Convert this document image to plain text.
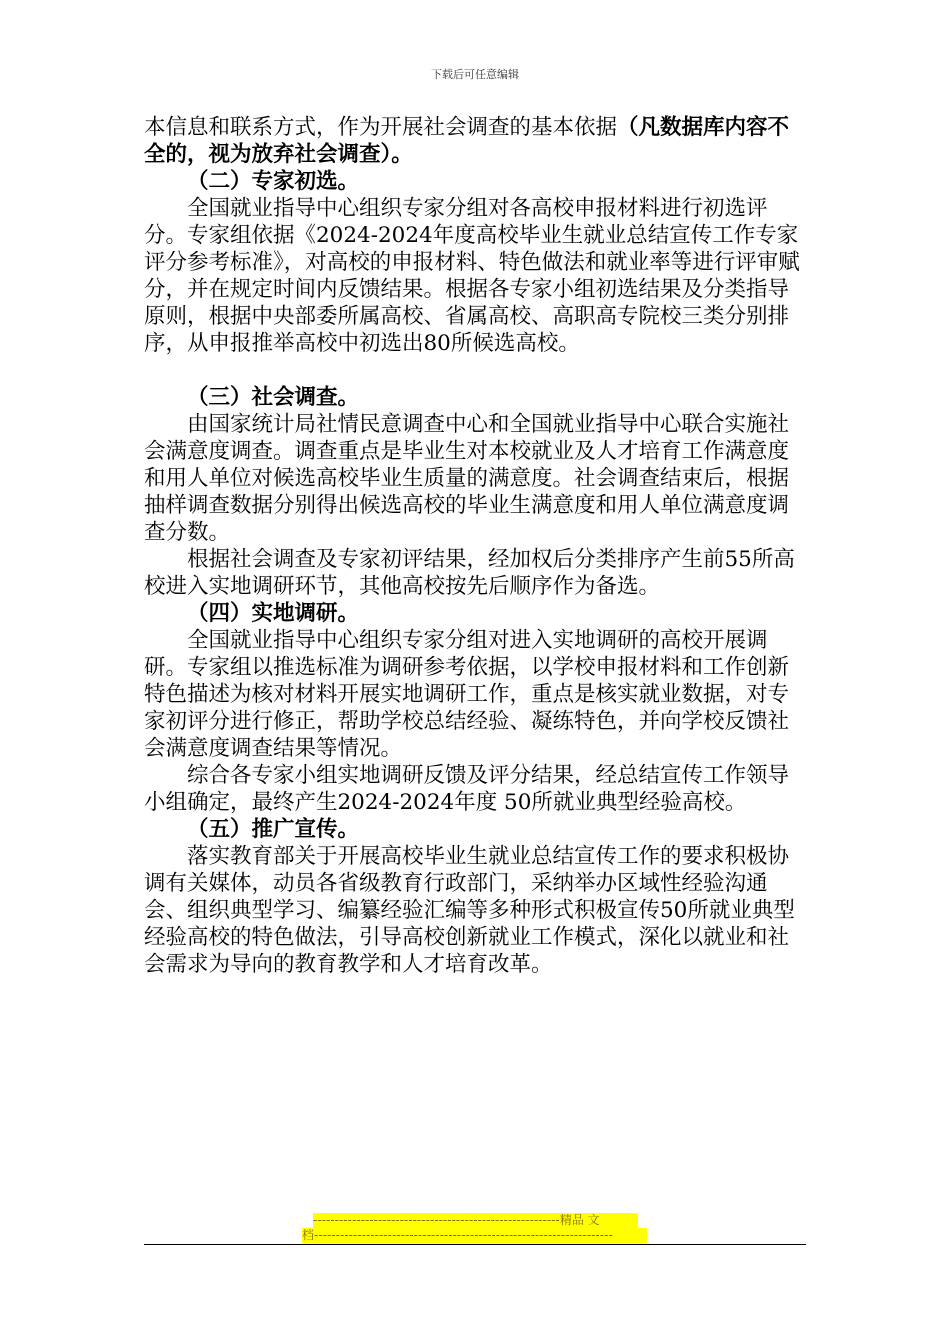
下载后可任意编辑

本信息和联系方式，作为开展社会调查的基本依据（凡数据库内容不全的，视为放弃社会调查）。

（二）专家初选。

全国就业指导中心组织专家分组对各高校申报材料进行初选评分。专家组依据《2024-2024年度高校毕业生就业总结宣传工作专家评分参考标准》，对高校的申报材料、特色做法和就业率等进行评审赋分，并在规定时间内反馈结果。根据各专家小组初选结果及分类指导原则，根据中央部委所属高校、省属高校、高职高专院校三类分别排序，从申报推举高校中初选出80所候选高校。

（三）社会调查。

由国家统计局社情民意调查中心和全国就业指导中心联合实施社会满意度调查。调查重点是毕业生对本校就业及人才培育工作满意度和用人单位对候选高校毕业生质量的满意度。社会调查结束后，根据抽样调查数据分别得出候选高校的毕业生满意度和用人单位满意度调查分数。

根据社会调查及专家初评结果，经加权后分类排序产生前55所高校进入实地调研环节，其他高校按先后顺序作为备选。

（四）实地调研。

全国就业指导中心组织专家分组对进入实地调研的高校开展调研。专家组以推选标准为调研参考依据，以学校申报材料和工作创新特色描述为核对材料开展实地调研工作，重点是核实就业数据，对专家初评分进行修正，帮助学校总结经验、凝练特色，并向学校反馈社会满意度调查结果等情况。

综合各专家小组实地调研反馈及评分结果，经总结宣传工作领导小组确定，最终产生2024-2024年度 50所就业典型经验高校。

（五）推广宣传。

落实教育部关于开展高校毕业生就业总结宣传工作的要求积极协调有关媒体，动员各省级教育行政部门，采纳举办区域性经验沟通会、组织典型学习、编纂经验汇编等多种形式积极宣传50所就业典型经验高校的特色做法，引导高校创新就业工作模式，深化以就业和社会需求为导向的教育教学和人才培育改革。

---------------------------------------------------------精品 文
档---------------------------------------------------------------------
